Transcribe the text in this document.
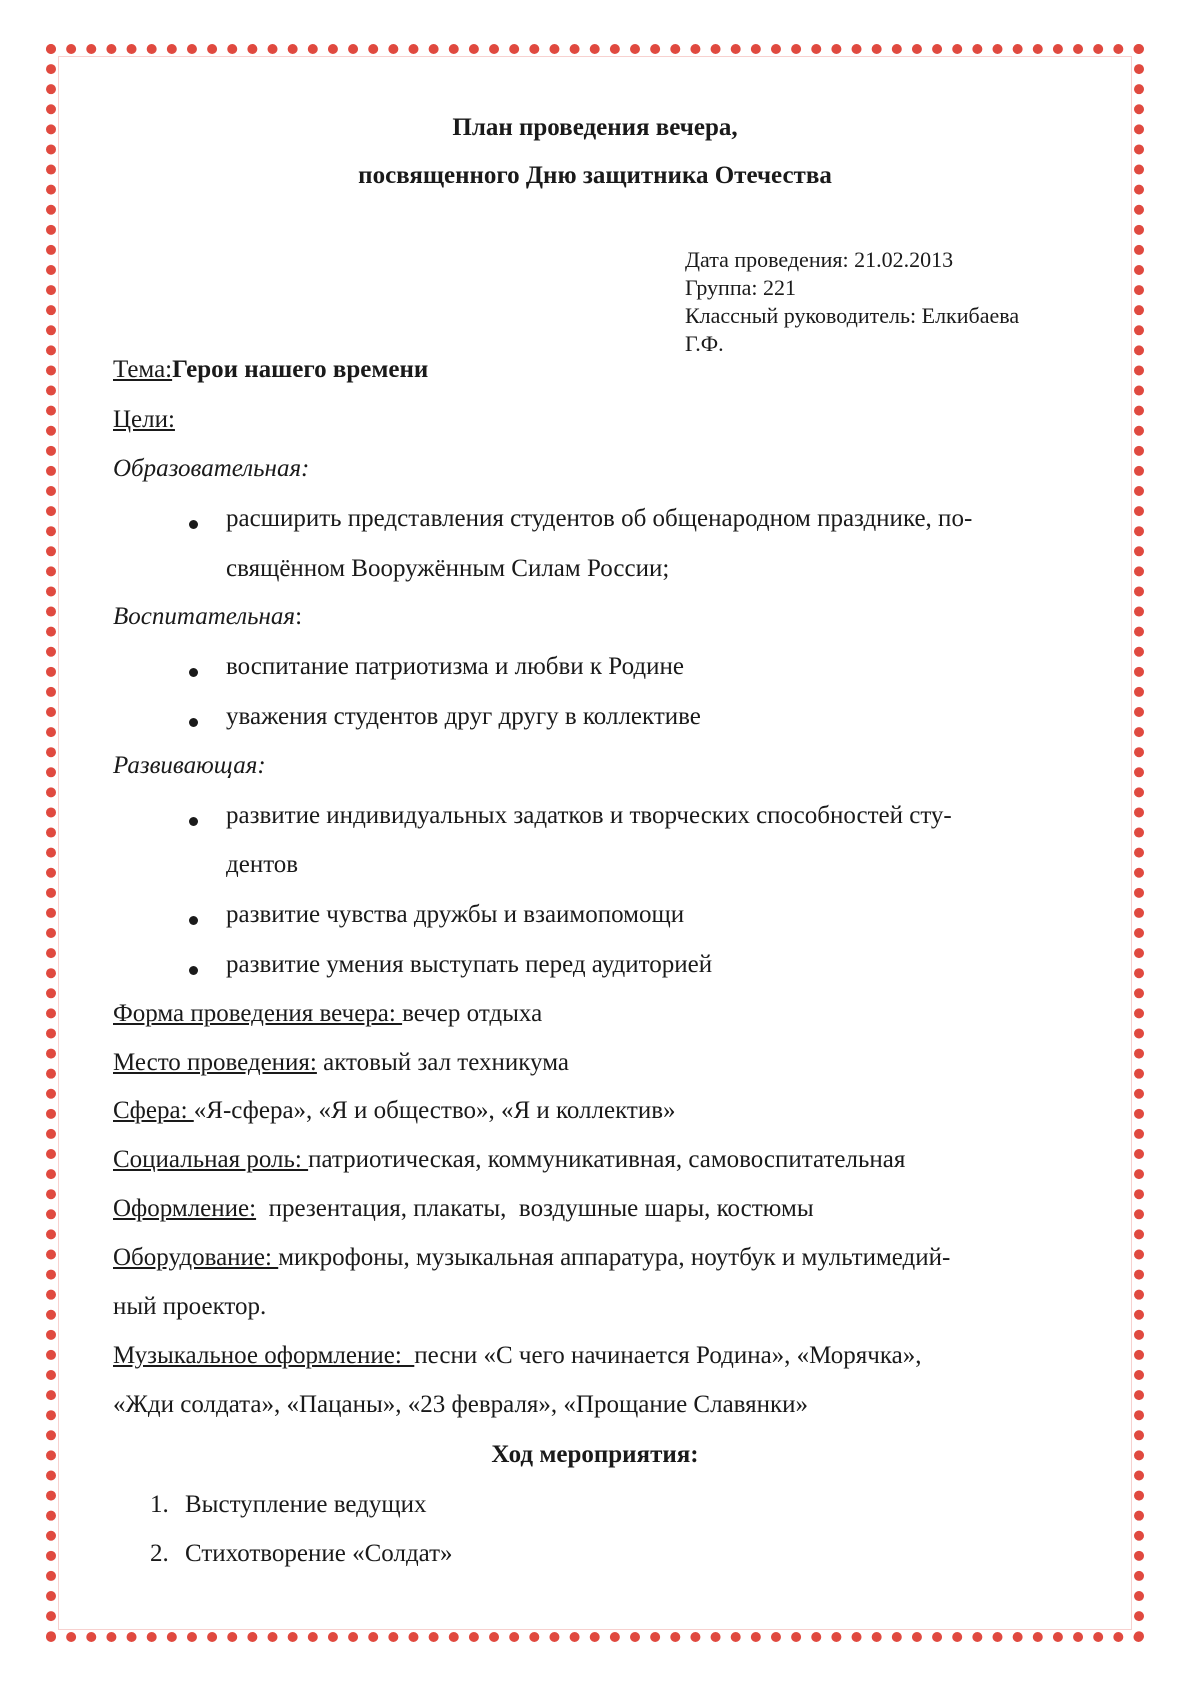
План проведения вечера,
посвященного Дню защитника Отечества
Дата проведения: 21.02.2013
Группа: 221
Классный руководитель: Елкибаева
Г.Ф.
Тема:Герои нашего времени
Цели:
Образовательная:
расширить представления студентов об общенародном празднике, по-
свящённом Вооружённым Силам России;
Воспитательная:
воспитание патриотизма и любви к Родине
уважения студентов друг другу в коллективе
Развивающая:
развитие индивидуальных задатков и творческих способностей сту-
дентов
развитие чувства дружбы и взаимопомощи
развитие умения выступать перед аудиторией
Форма проведения вечера: вечер отдыха
Место проведения: актовый зал техникума
Сфера: «Я-сфера», «Я и общество», «Я и коллектив»
Социальная роль: патриотическая, коммуникативная, самовоспитательная
Оформление:  презентация, плакаты,  воздушные шары, костюмы
Оборудование: микрофоны, музыкальная аппаратура, ноутбук и мультимедий-
ный проектор.
Музыкальное оформление:  песни «С чего начинается Родина», «Морячка»,
«Жди солдата», «Пацаны», «23 февраля», «Прощание Славянки»
Ход мероприятия:
1. Выступление ведущих
2. Стихотворение «Солдат»
